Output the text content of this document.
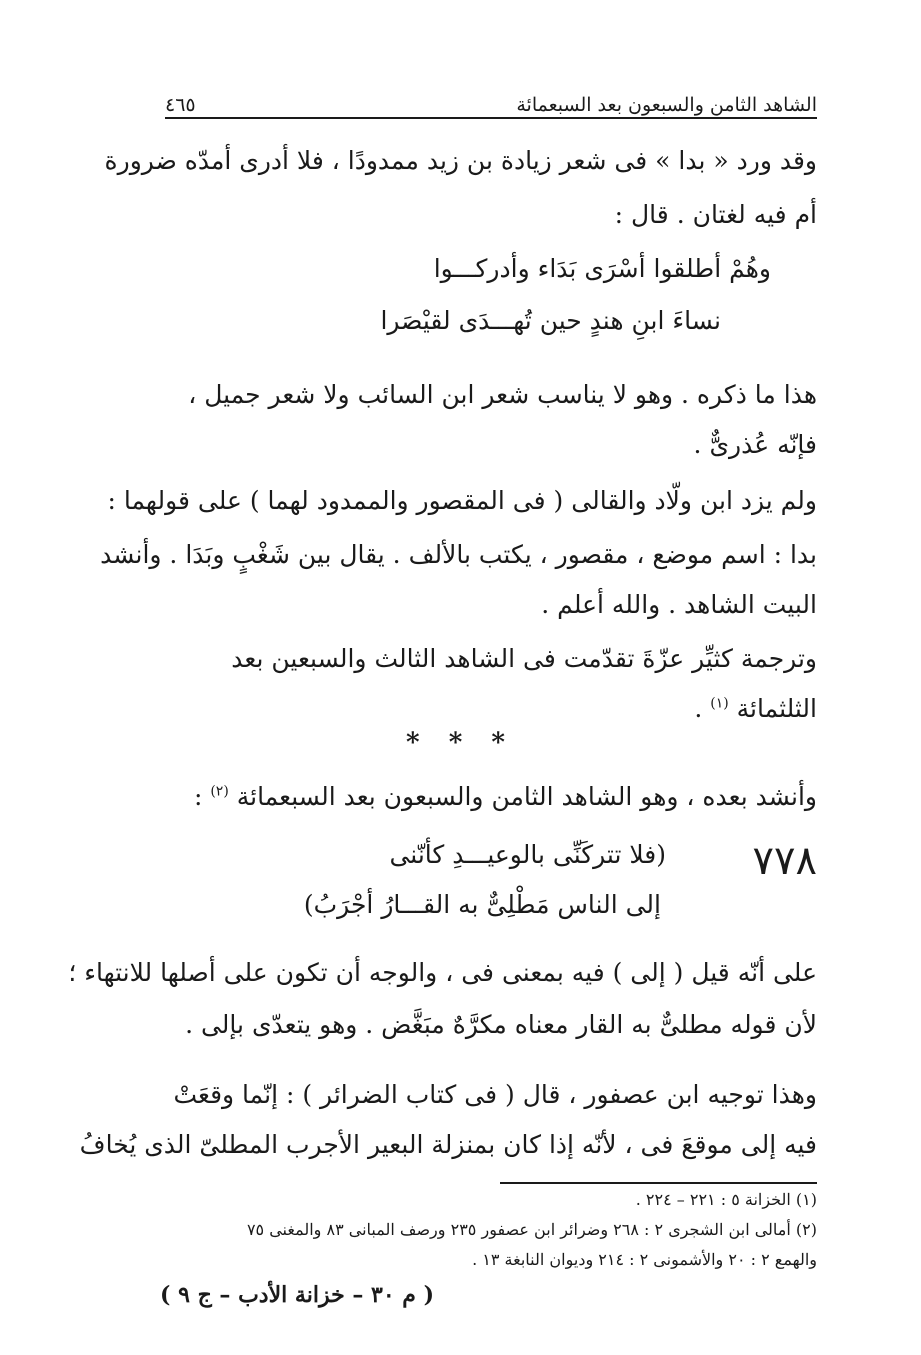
الشاهد الثامن والسبعون بعد السبعمائة
٤٦٥
وقد ورد « بدا » فى شعر زيادة بن زيد ممدودًا ، فلا أدرى أمدّه ضرورة
أم فيه لغتان . قال :
وهُمْ أطلقوا أسْرَى بَدَاء وأدركـــوا
نساءَ ابنِ هندٍ حين تُهـــدَى لقيْصَرا
هذا ما ذكره . وهو لا يناسب شعر ابن السائب ولا شعر جميل ،
فإنّه عُذرىٌّ .
ولم يزد ابن ولّاد والقالى ( فى المقصور والممدود لهما ) على قولهما :
بدا : اسم موضع ، مقصور ، يكتب بالألف . يقال بين شَغْبٍ وبَدَا . وأنشد
البيت الشاهد . والله أعلم .
وترجمة كثيِّر عزّةَ تقدّمت فى الشاهد الثالث والسبعين بعد
الثلثمائة $^{(١)}$ .
* * *
وأنشد بعده ، وهو الشاهد الثامن والسبعون بعد السبعمائة $^{(٢)}$ :
٧٧٨
(فلا تتركَنِّى بالوعيـــدِ كأنّنى
إلى الناس مَطْلِىٌّ به القـــارُ أجْرَبُ)
على أنّه قيل ( إلى ) فيه بمعنى فى ، والوجه أن تكون على أصلها للانتهاء ؛
لأن قوله مطلىٌّ به القار معناه مكرَّهٌ مبَغَّض . وهو يتعدّى بإلى .
وهذا توجيه ابن عصفور ، قال ( فى كتاب الضرائر ) : إنّما وقعَتْ
فيه إلى موقعَ فى ، لأنّه إذا كان بمنزلة البعير الأجرب المطلىّ الذى يُخافُ
(١) الخزانة ٥ : ٢٢١ – ٢٢٤ .
(٢) أمالى ابن الشجرى ٢ : ٢٦٨ وضرائر ابن عصفور ٢٣٥ ورصف المبانى ٨٣ والمغنى ٧٥
والهمع ٢ : ٢٠ والأشمونى ٢ : ٢١٤ وديوان النابغة ١٣ .
( م ٣٠ – خزانة الأدب – ج ٩ )
